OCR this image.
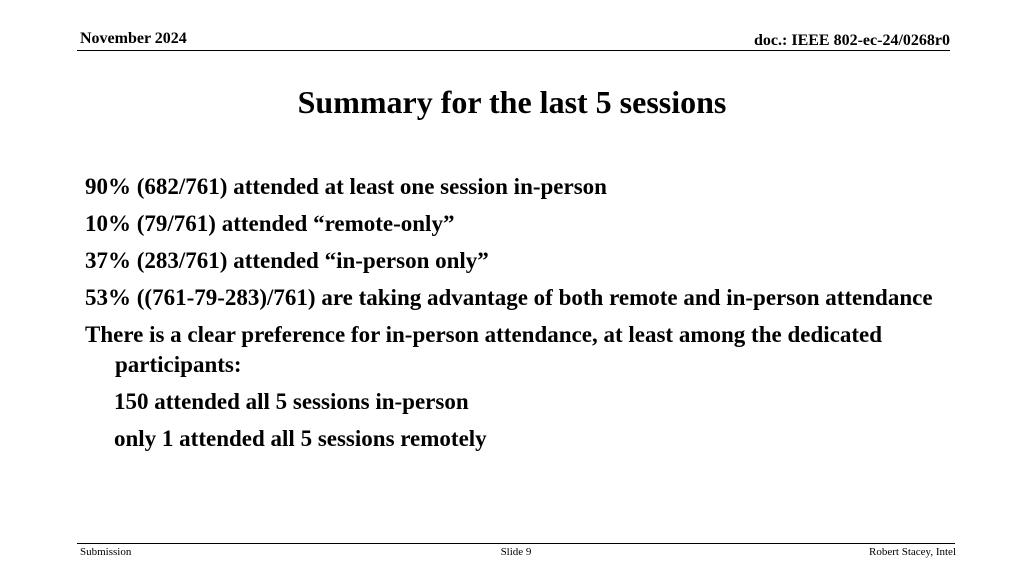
November 2024	doc.: IEEE 802-ec-24/0268r0
Summary for the last 5 sessions
90% (682/761) attended at least one session in-person
10% (79/761) attended “remote-only”
37% (283/761) attended “in-person only”
53% ((761-79-283)/761) are taking advantage of both remote and in-person attendance
There is a clear preference for in-person attendance, at least among the dedicated participants:
150 attended all 5 sessions in-person
only 1 attended all 5 sessions remotely
Submission	Slide 9	Robert Stacey, Intel
